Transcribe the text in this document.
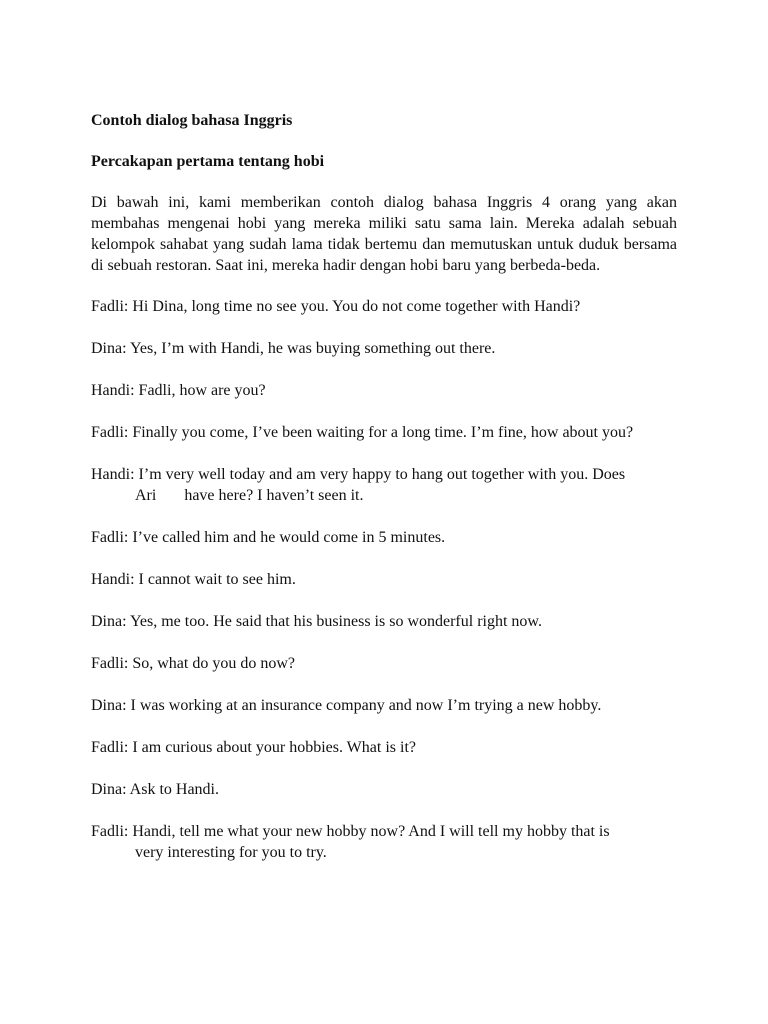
Contoh dialog bahasa Inggris
Percakapan pertama tentang hobi
Di bawah ini, kami memberikan contoh dialog bahasa Inggris 4 orang yang akan membahas mengenai hobi yang mereka miliki satu sama lain. Mereka adalah sebuah kelompok sahabat yang sudah lama tidak bertemu dan memutuskan untuk duduk bersama di sebuah restoran. Saat ini, mereka hadir dengan hobi baru yang berbeda-beda.
Fadli: Hi Dina, long time no see you. You do not come together with Handi?
Dina: Yes, I’m with Handi, he was buying something out there.
Handi: Fadli, how are you?
Fadli: Finally you come, I’ve been waiting for a long time. I’m fine, how about you?
Handi: I’m very well today and am very happy to hang out together with you. Does
Ari have here? I haven’t seen it.
Fadli: I’ve called him and he would come in 5 minutes.
Handi: I cannot wait to see him.
Dina: Yes, me too. He said that his business is so wonderful right now.
Fadli: So, what do you do now?
Dina: I was working at an insurance company and now I’m trying a new hobby.
Fadli: I am curious about your hobbies. What is it?
Dina: Ask to Handi.
Fadli: Handi, tell me what your new hobby now? And I will tell my hobby that is
very interesting for you to try.
